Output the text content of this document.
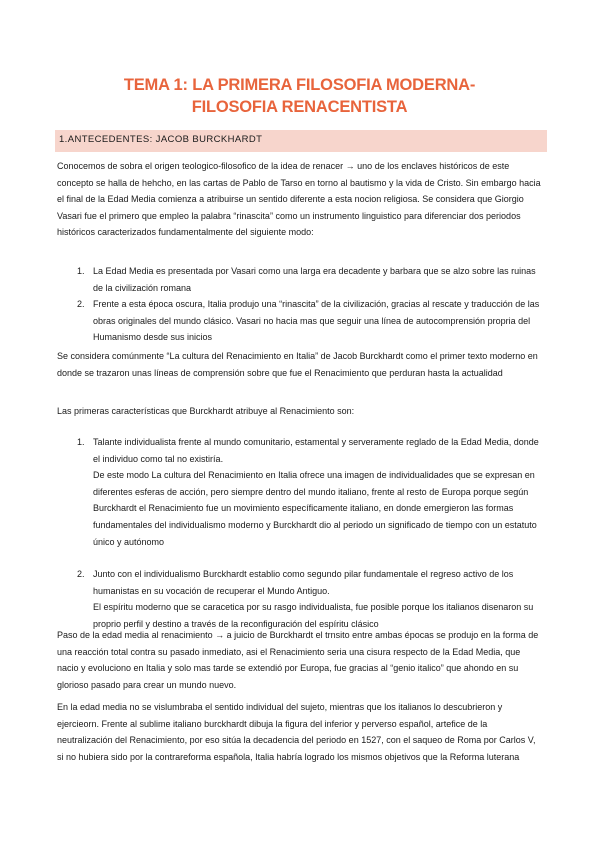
TEMA 1: LA PRIMERA FILOSOFIA MODERNA-
FILOSOFIA RENACENTISTA
1.ANTECEDENTES: JACOB BURCKHARDT

Conocemos de sobra el origen teologico-filosofico de la idea de renacer → uno de los enclaves históricos de este concepto se halla de hehcho, en las cartas de Pablo de Tarso en torno al bautismo y la vida de Cristo. Sin embargo hacia el final de la Edad Media comienza a atribuirse un sentido diferente a esta nocion religiosa. Se considera que Giorgio Vasari fue el primero que empleo la palabra “rinascita” como un instrumento linguistico para diferenciar dos periodos históricos caracterizados fundamentalmente del siguiente modo:

1. La Edad Media es presentada por Vasari como una larga era decadente y barbara que se alzo sobre las ruinas de la civilización romana
2. Frente a esta época oscura, Italia produjo una “rinascita” de la civilización, gracias al rescate y traducción de las obras originales del mundo clásico. Vasari no hacia mas que seguir una línea de autocomprensión propria del Humanismo desde sus inicios

Se considera comúnmente “La cultura del Renacimiento en Italia” de Jacob Burckhardt como el primer texto moderno en donde se trazaron unas líneas de comprensión sobre que fue el Renacimiento que perduran hasta la actualidad

Las primeras características que Burckhardt atribuye al Renacimiento son:

1. Talante individualista frente al mundo comunitario, estamental y serveramente reglado de la Edad Media, donde el individuo como tal no existiría.
De este modo La cultura del Renacimiento en Italia ofrece una imagen de individualidades que se expresan en diferentes esferas de acción, pero siempre dentro del mundo italiano, frente al resto de Europa porque según Burckhardt el Renacimiento fue un movimiento específicamente italiano, en donde emergieron las formas fundamentales del individualismo moderno y Burckhardt dio al periodo un significado de tiempo con un estatuto único y autónomo
2. Junto con el individualismo Burckhardt establio como segundo pilar fundamentale el regreso activo de los humanistas en su vocación de recuperar el Mundo Antiguo.
El espíritu moderno que se caracetica por su rasgo individualista, fue posible porque los italianos disenaron su proprio perfil y destino a través de la reconfiguración del espíritu clásico

Paso de la edad media al renacimiento → a juicio de Burckhardt el trnsito entre ambas épocas se produjo en la forma de una reacción total contra su pasado inmediato, asi el Renacimiento seria una cisura respecto de la Edad Media, que nacio y evoluciono en Italia y solo mas tarde se extendió por Europa, fue gracias al “genio italico” que ahondo en su glorioso pasado para crear un mundo nuevo.

En la edad media no se vislumbraba el sentido individual del sujeto, mientras que los italianos lo descubrieron y ejercieorn. Frente al sublime italiano burckhardt dibuja la figura del inferior y perverso español, artefice de la neutralización del Renacimiento, por eso sitúa la decadencia del periodo en 1527, con el saqueo de Roma por Carlos V, si no hubiera sido por la contrareforma española, Italia habría logrado los mismos objetivos que la Reforma luterana
